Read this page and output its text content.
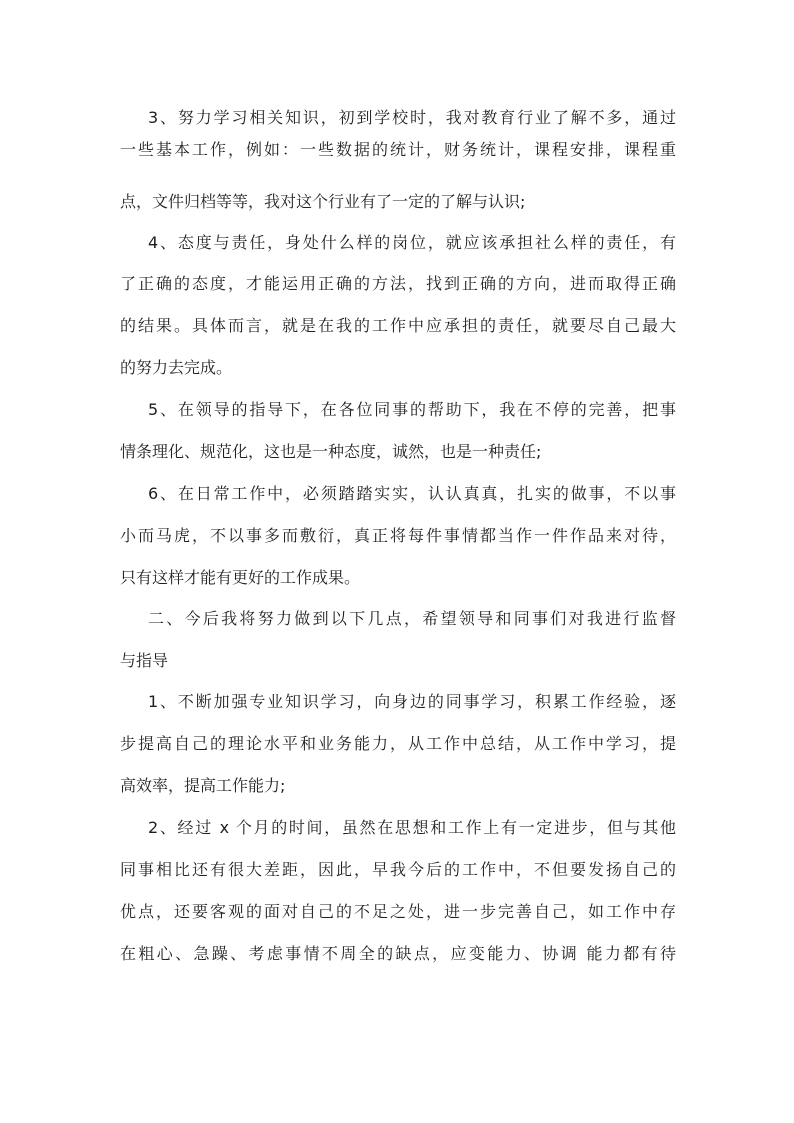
3、努力学习相关知识，初到学校时，我对教育行业了解不多，通过
一些基本工作，例如：一些数据的统计，财务统计，课程安排，课程重
点，文件归档等等，我对这个行业有了一定的了解与认识;
4、态度与责任，身处什么样的岗位，就应该承担社么样的责任，有
了正确的态度，才能运用正确的方法，找到正确的方向，进而取得正确
的结果。具体而言，就是在我的工作中应承担的责任，就要尽自己最大
的努力去完成。
5、在领导的指导下，在各位同事的帮助下，我在不停的完善，把事
情条理化、规范化，这也是一种态度，诚然，也是一种责任;
6、在日常工作中，必须踏踏实实，认认真真，扎实的做事，不以事
小而马虎，不以事多而敷衍，真正将每件事情都当作一件作品来对待，
只有这样才能有更好的工作成果。
二、今后我将努力做到以下几点，希望领导和同事们对我进行监督
与指导
1、不断加强专业知识学习，向身边的同事学习，积累工作经验，逐
步提高自己的理论水平和业务能力，从工作中总结，从工作中学习，提
高效率，提高工作能力;
2、经过 x 个月的时间，虽然在思想和工作上有一定进步，但与其他
同事相比还有很大差距，因此，早我今后的工作中，不但要发扬自己的
优点，还要客观的面对自己的不足之处，进一步完善自己，如工作中存
在粗心、急躁、考虑事情不周全的缺点，应变能力、协调 能力都有待
